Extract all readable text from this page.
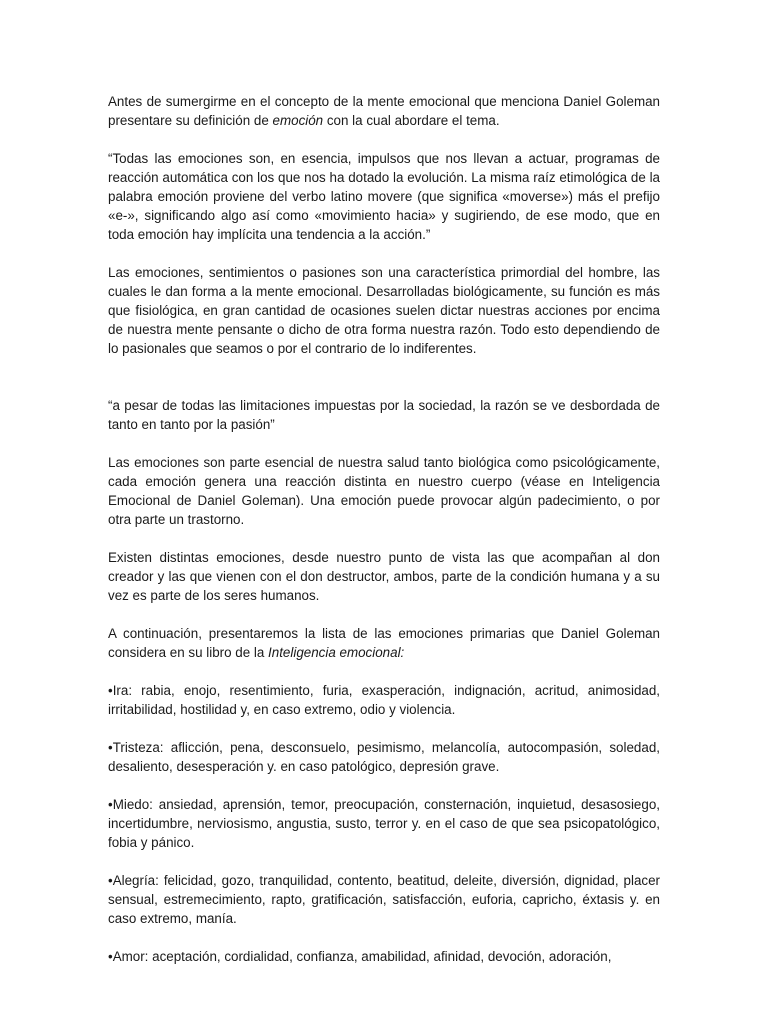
Antes de sumergirme en el concepto de la mente emocional que menciona Daniel Goleman presentare su definición de emoción con la cual abordare el tema.

“Todas las emociones son, en esencia, impulsos que nos llevan a actuar, programas de reacción automática con los que nos ha dotado la evolución. La misma raíz etimológica de la palabra emoción proviene del verbo latino movere (que significa «moverse») más el prefijo «e-», significando algo así como «movimiento hacia» y sugiriendo, de ese modo, que en toda emoción hay implícita una tendencia a la acción.”

Las emociones, sentimientos o pasiones son una característica primordial del hombre, las cuales le dan forma a la mente emocional. Desarrolladas biológicamente, su función es más que fisiológica, en gran cantidad de ocasiones suelen dictar nuestras acciones por encima de nuestra mente pensante o dicho de otra forma nuestra razón. Todo esto dependiendo de lo pasionales que seamos o por el contrario de lo indiferentes.

“a pesar de todas las limitaciones impuestas por la sociedad, la razón se ve desbordada de tanto en tanto por la pasión”

Las emociones son parte esencial de nuestra salud tanto biológica como psicológicamente, cada emoción genera una reacción distinta en nuestro cuerpo (véase en Inteligencia Emocional de Daniel Goleman). Una emoción puede provocar algún padecimiento, o por otra parte un trastorno.

Existen distintas emociones, desde nuestro punto de vista las que acompañan al don creador y las que vienen con el don destructor, ambos, parte de la condición humana y a su vez es parte de los seres humanos.

A continuación, presentaremos la lista de las emociones primarias que Daniel Goleman considera en su libro de la Inteligencia emocional:

•Ira: rabia, enojo, resentimiento, furia, exasperación, indignación, acritud, animosidad, irritabilidad, hostilidad y, en caso extremo, odio y violencia.

•Tristeza: aflicción, pena, desconsuelo, pesimismo, melancolía, autocompasión, soledad, desaliento, desesperación y. en caso patológico, depresión grave.

•Miedo: ansiedad, aprensión, temor, preocupación, consternación, inquietud, desasosiego, incertidumbre, nerviosismo, angustia, susto, terror y. en el caso de que sea psicopatológico, fobia y pánico.

•Alegría: felicidad, gozo, tranquilidad, contento, beatitud, deleite, diversión, dignidad, placer sensual, estremecimiento, rapto, gratificación, satisfacción, euforia, capricho, éxtasis y. en caso extremo, manía.

•Amor: aceptación, cordialidad, confianza, amabilidad, afinidad, devoción, adoración,
